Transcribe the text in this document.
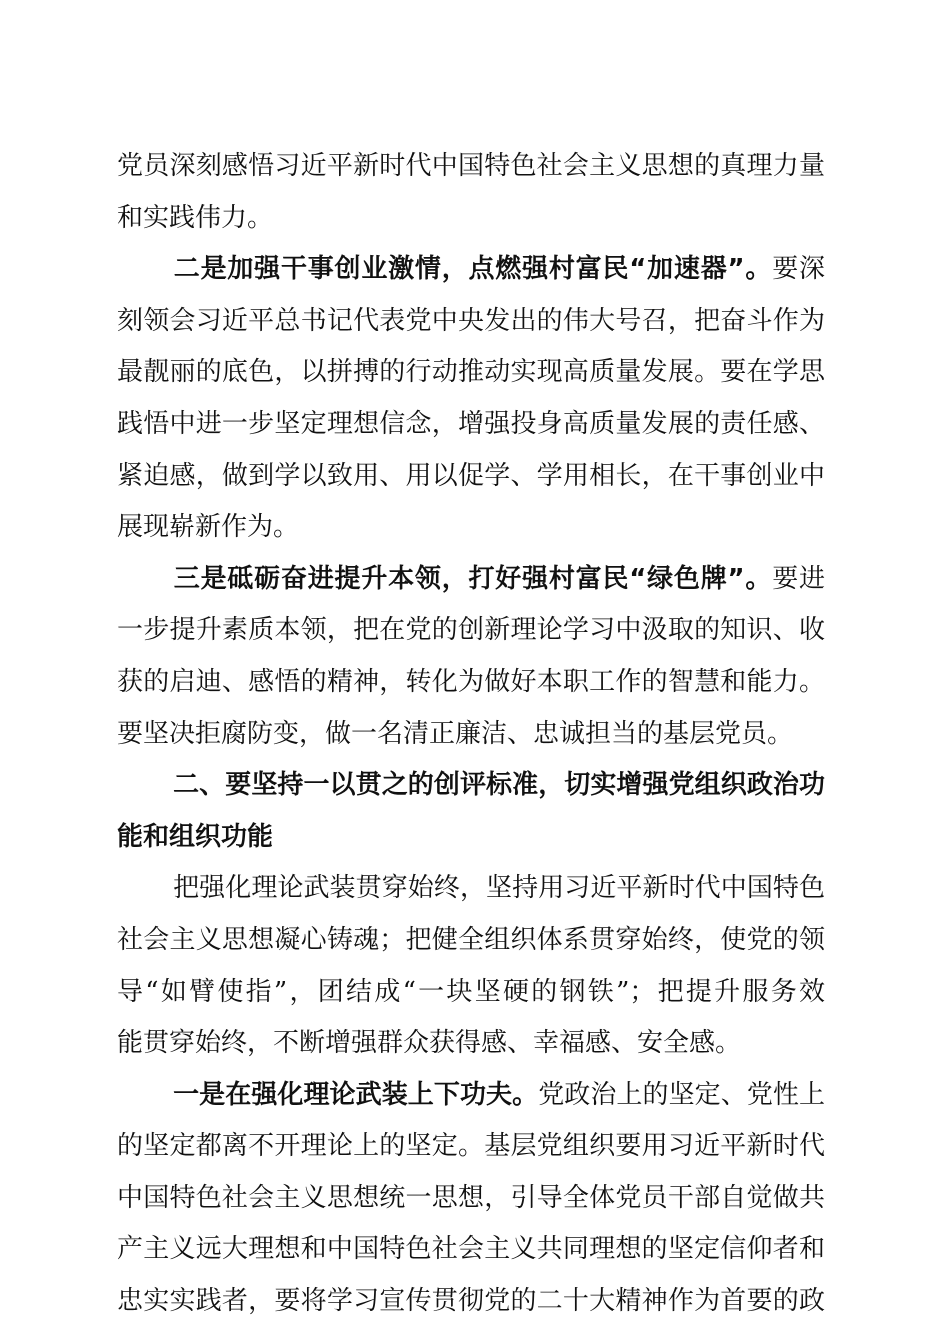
党员深刻感悟习近平新时代中国特色社会主义思想的真理力量
和实践伟力。
二是加强干事创业激情，点燃强村富民“加速器”。要深
刻领会习近平总书记代表党中央发出的伟大号召，把奋斗作为
最靓丽的底色，以拼搏的行动推动实现高质量发展。要在学思
践悟中进一步坚定理想信念，增强投身高质量发展的责任感、
紧迫感，做到学以致用、用以促学、学用相长，在干事创业中
展现崭新作为。
三是砥砺奋进提升本领，打好强村富民“绿色牌”。要进
一步提升素质本领，把在党的创新理论学习中汲取的知识、收
获的启迪、感悟的精神，转化为做好本职工作的智慧和能力。
要坚决拒腐防变，做一名清正廉洁、忠诚担当的基层党员。
二、要坚持一以贯之的创评标准，切实增强党组织政治功
能和组织功能
把强化理论武装贯穿始终，坚持用习近平新时代中国特色
社会主义思想凝心铸魂；把健全组织体系贯穿始终，使党的领
导“如臂使指”，团结成“一块坚硬的钢铁”；把提升服务效
能贯穿始终，不断增强群众获得感、幸福感、安全感。
一是在强化理论武装上下功夫。党政治上的坚定、党性上
的坚定都离不开理论上的坚定。基层党组织要用习近平新时代
中国特色社会主义思想统一思想，引导全体党员干部自觉做共
产主义远大理想和中国特色社会主义共同理想的坚定信仰者和
忠实实践者，要将学习宣传贯彻党的二十大精神作为首要的政
